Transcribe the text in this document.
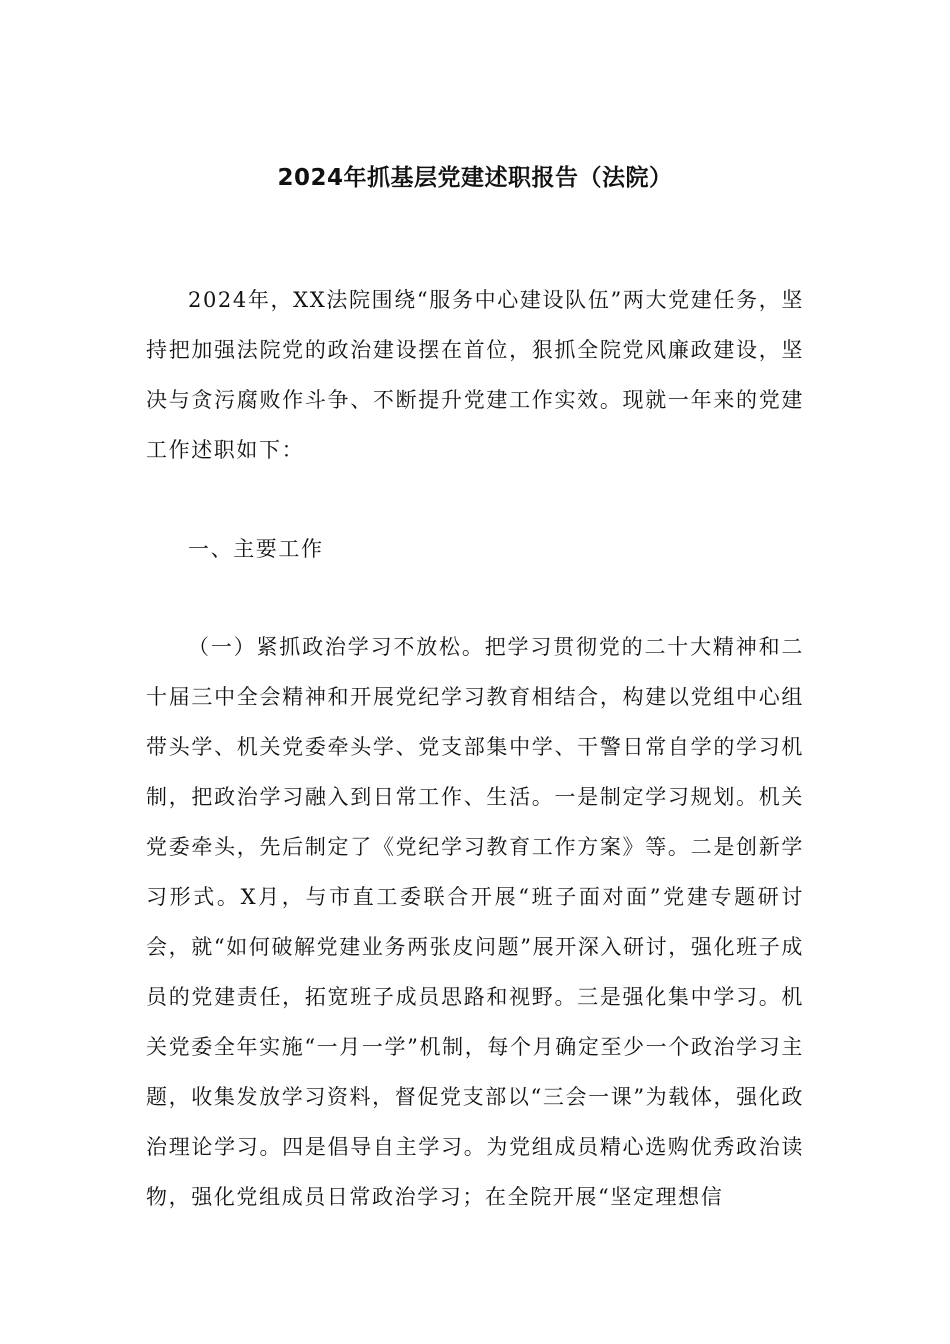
2024年抓基层党建述职报告（法院）

2024年，XX法院围绕“服务中心建设队伍”两大党建任务，坚持把加强法院党的政治建设摆在首位，狠抓全院党风廉政建设，坚决与贪污腐败作斗争、不断提升党建工作实效。现就一年来的党建工作述职如下：

一、主要工作

（一）紧抓政治学习不放松。把学习贯彻党的二十大精神和二十届三中全会精神和开展党纪学习教育相结合，构建以党组中心组带头学、机关党委牵头学、党支部集中学、干警日常自学的学习机制，把政治学习融入到日常工作、生活。一是制定学习规划。机关党委牵头，先后制定了《党纪学习教育工作方案》等。二是创新学习形式。X月，与市直工委联合开展“班子面对面”党建专题研讨会，就“如何破解党建业务两张皮问题”展开深入研讨，强化班子成员的党建责任，拓宽班子成员思路和视野。三是强化集中学习。机关党委全年实施“一月一学”机制，每个月确定至少一个政治学习主题，收集发放学习资料，督促党支部以“三会一课”为载体，强化政治理论学习。四是倡导自主学习。为党组成员精心选购优秀政治读物，强化党组成员日常政治学习；在全院开展“坚定理想信
